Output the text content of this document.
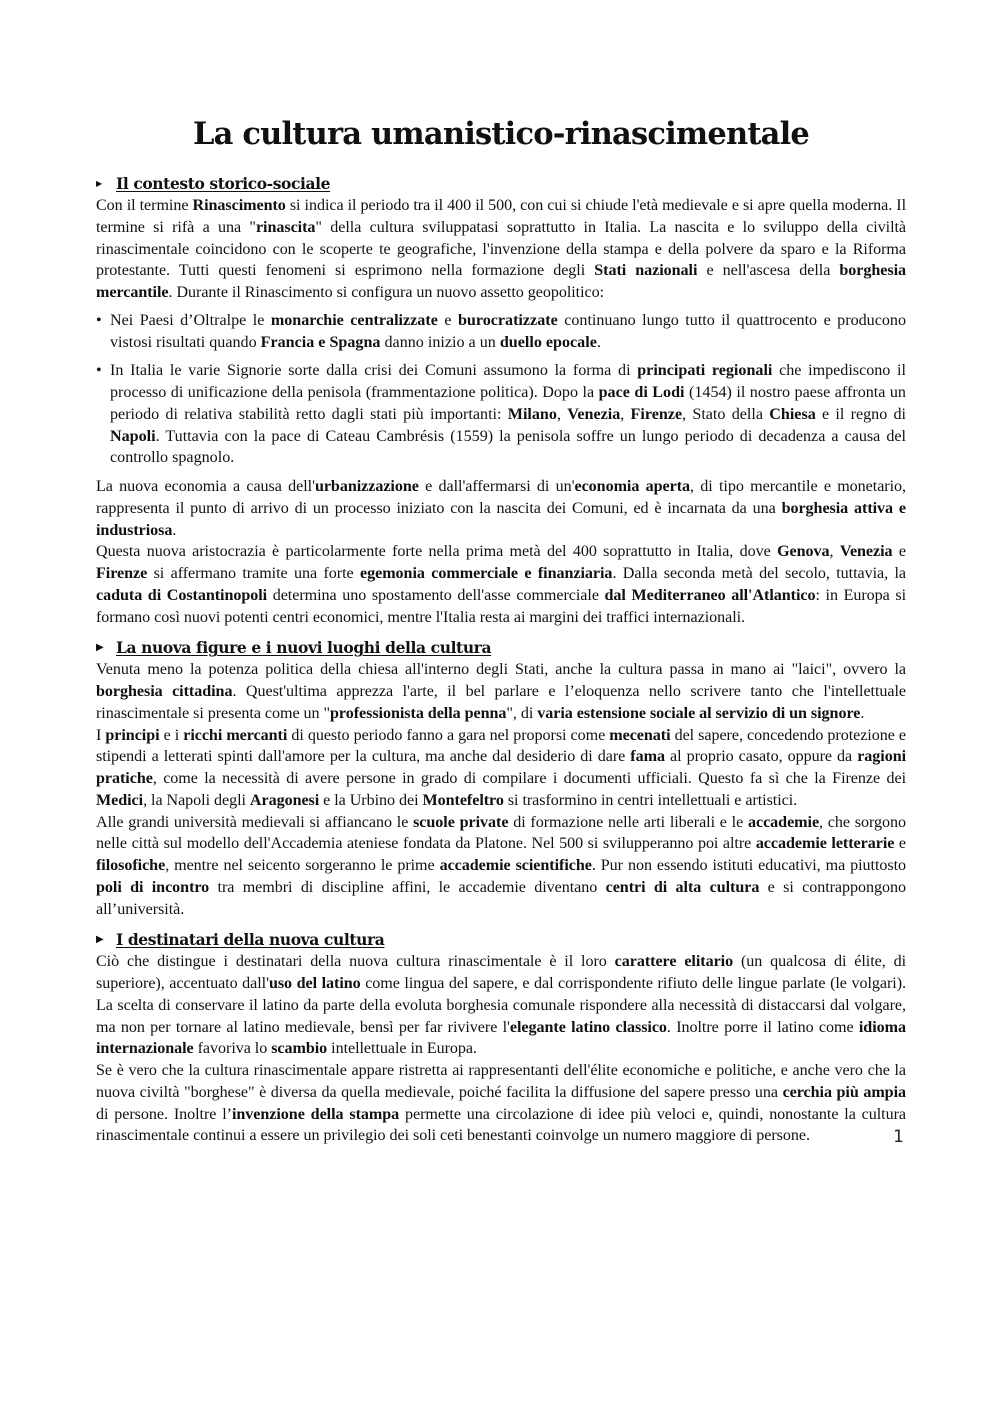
La cultura umanistico-rinascimentale
▶ Il contesto storico-sociale

Con il termine Rinascimento si indica il periodo tra il 400 il 500, con cui si chiude l'età medievale e si apre quella moderna. Il termine si rifà a una "rinascita" della cultura sviluppatasi soprattutto in Italia. La nascita e lo sviluppo della civiltà rinascimentale coincidono con le scoperte te geografiche, l'invenzione della stampa e della polvere da sparo e la Riforma protestante. Tutti questi fenomeni si esprimono nella formazione degli Stati nazionali e nell'ascesa della borghesia mercantile. Durante il Rinascimento si configura un nuovo assetto geopolitico:

• Nei Paesi d’Oltralpe le monarchie centralizzate e burocratizzate continuano lungo tutto il quattrocento e producono vistosi risultati quando Francia e Spagna danno inizio a un duello epocale.
• In Italia le varie Signorie sorte dalla crisi dei Comuni assumono la forma di principati regionali che impediscono il processo di unificazione della penisola (frammentazione politica). Dopo la pace di Lodi (1454) il nostro paese affronta un periodo di relativa stabilità retto dagli stati più importanti: Milano, Venezia, Firenze, Stato della Chiesa e il regno di Napoli. Tuttavia con la pace di Cateau Cambrésis (1559) la penisola soffre un lungo periodo di decadenza a causa del controllo spagnolo.

La nuova economia a causa dell'urbanizzazione e dall'affermarsi di un'economia aperta, di tipo mercantile e monetario, rappresenta il punto di arrivo di un processo iniziato con la nascita dei Comuni, ed è incarnata da una borghesia attiva e industriosa.

Questa nuova aristocrazia è particolarmente forte nella prima metà del 400 soprattutto in Italia, dove Genova, Venezia e Firenze si affermano tramite una forte egemonia commerciale e finanziaria. Dalla seconda metà del secolo, tuttavia, la caduta di Costantinopoli determina uno spostamento dell'asse commerciale dal Mediterraneo all'Atlantico: in Europa si formano così nuovi potenti centri economici, mentre l'Italia resta ai margini dei traffici internazionali.

▶ La nuova figure e i nuovi luoghi della cultura

Venuta meno la potenza politica della chiesa all'interno degli Stati, anche la cultura passa in mano ai "laici", ovvero la borghesia cittadina. Quest'ultima apprezza l'arte, il bel parlare e l’eloquenza nello scrivere tanto che l'intellettuale rinascimentale si presenta come un "professionista della penna", di varia estensione sociale al servizio di un signore.

I principi e i ricchi mercanti di questo periodo fanno a gara nel proporsi come mecenati del sapere, concedendo protezione e stipendi a letterati spinti dall'amore per la cultura, ma anche dal desiderio di dare fama al proprio casato, oppure da ragioni pratiche, come la necessità di avere persone in grado di compilare i documenti ufficiali. Questo fa sì che la Firenze dei Medici, la Napoli degli Aragonesi e la Urbino dei Montefeltro si trasformino in centri intellettuali e artistici.

Alle grandi università medievali si affiancano le scuole private di formazione nelle arti liberali e le accademie, che sorgono nelle città sul modello dell'Accademia ateniese fondata da Platone. Nel 500 si svilupperanno poi altre accademie letterarie e filosofiche, mentre nel seicento sorgeranno le prime accademie scientifiche. Pur non essendo istituti educativi, ma piuttosto poli di incontro tra membri di discipline affini, le accademie diventano centri di alta cultura e si contrappongono all’università.

▶ I destinatari della nuova cultura

Ciò che distingue i destinatari della nuova cultura rinascimentale è il loro carattere elitario (un qualcosa di élite, di superiore), accentuato dall'uso del latino come lingua del sapere, e dal corrispondente rifiuto delle lingue parlate (le volgari). La scelta di conservare il latino da parte della evoluta borghesia comunale rispondere alla necessità di distaccarsi dal volgare, ma non per tornare al latino medievale, bensì per far rivivere l'elegante latino classico. Inoltre porre il latino come idioma internazionale favoriva lo scambio intellettuale in Europa.

Se è vero che la cultura rinascimentale appare ristretta ai rappresentanti dell'élite economiche e politiche, e anche vero che la nuova civiltà "borghese" è diversa da quella medievale, poiché facilita la diffusione del sapere presso una cerchia più ampia di persone. Inoltre l’invenzione della stampa permette una circolazione di idee più veloci e, quindi, nonostante la cultura rinascimentale continui a essere un privilegio dei soli ceti benestanti coinvolge un numero maggiore di persone.	1
